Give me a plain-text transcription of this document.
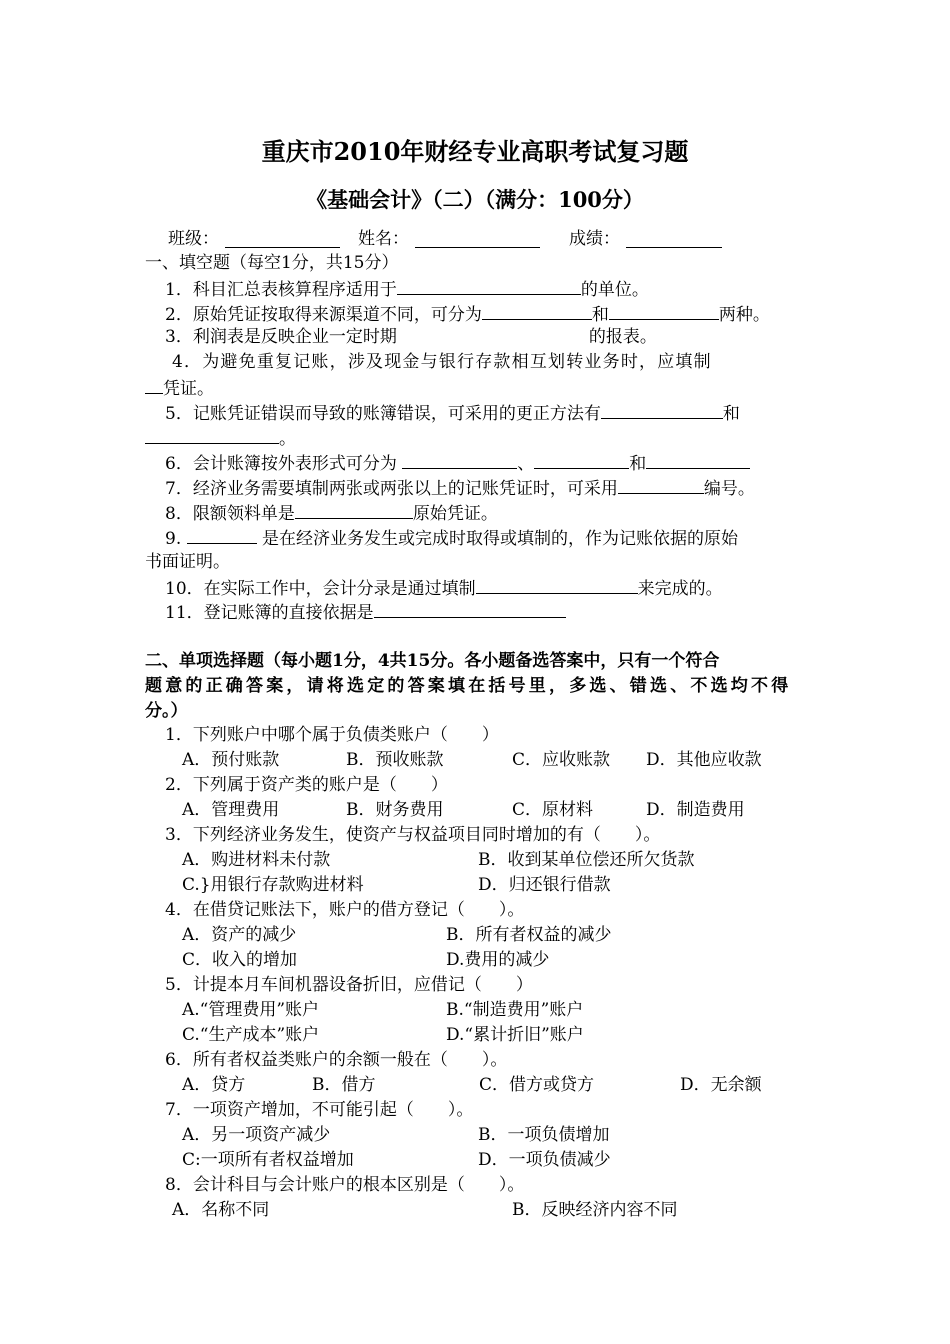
重庆市2010年财经专业高职考试复习题
《基础会计》（二）（满分：100分）
班级：	姓名：	成绩：
一、填空题（每空1分，共15分）
1．科目汇总表核算程序适用于	的单位。
2．原始凭证按取得来源渠道不同，可分为	和	两种。
3．利润表是反映企业一定时期	的报表。
4．为避免重复记账，涉及现金与银行存款相互划转业务时，应填制
凭证。
5．记账凭证错误而导致的账簿错误，可采用的更正方法有	和
。
6．会计账簿按外表形式可分为	、	和
7．经济业务需要填制两张或两张以上的记账凭证时，可采用	编号。
8．限额领料单是	原始凭证。
9.	是在经济业务发生或完成时取得或填制的，作为记账依据的原始
书面证明。
10．在实际工作中，会计分录是通过填制	来完成的。
11．登记账簿的直接依据是
二、单项选择题（每小题1分，4共15分。各小题备选答案中，只有一个符合
题意的正确答案，请将选定的答案填在括号里，多选、错选、不选均不得
分。）
1．下列账户中哪个属于负债类账户（　　）
A．预付账款	B．预收账款	C．应收账款 D．其他应收款
2．下列属于资产类的账户是（　　）
A．管理费用	B．财务费用	C．原材料	D．制造费用
3．下列经济业务发生，使资产与权益项目同时增加的有（　　）。
A．购进材料未付款	B．收到某单位偿还所欠货款
C.}用银行存款购进材料	D．归还银行借款
4．在借贷记账法下，账户的借方登记（　　）。
A．资产的减少	B．所有者权益的减少
C．收入的增加	D.费用的减少
5．计提本月车间机器设备折旧，应借记（　　）
A.“管理费用”账户	B.“制造费用”账户
C.“生产成本”账户	D.“累计折旧”账户
6．所有者权益类账户的余额一般在（　　）。
A．贷方	B．借方	C．借方或贷方	D．无余额
7．一项资产增加，不可能引起（　　）。
A．另一项资产减少	B．一项负债增加
C:一项所有者权益增加	D．一项负债减少
8．会计科目与会计账户的根本区别是（　　）。
A．名称不同	B．反映经济内容不同
